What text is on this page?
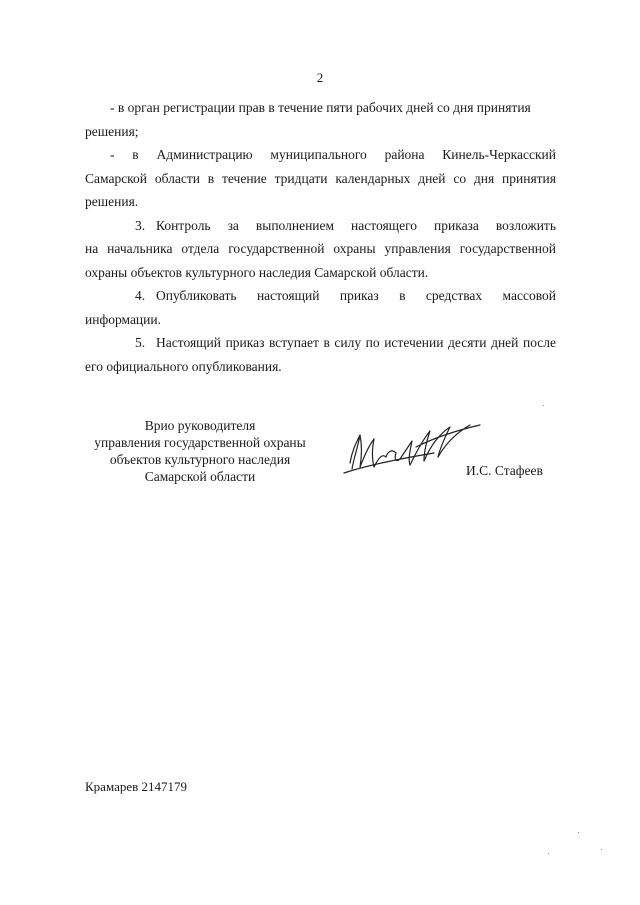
2

- в орган регистрации прав в течение пяти рабочих дней со дня принятия

решения;

- в Администрацию муниципального района Кинель-Черкасский

Самарской области в течение тридцати календарных дней со дня принятия

решения.

3. Контроль за выполнением настоящего приказа возложить

на начальника отдела государственной охраны управления государственной

охраны объектов культурного наследия Самарской области.

4. Опубликовать настоящий приказ в средствах массовой

информации.

5. Настоящий приказ вступает в силу по истечении десяти дней после

его официального опубликования.

Врио руководителя
управления государственной охраны
объектов культурного наследия
Самарской области	И.С. Стафеев
Крамарев 2147179
